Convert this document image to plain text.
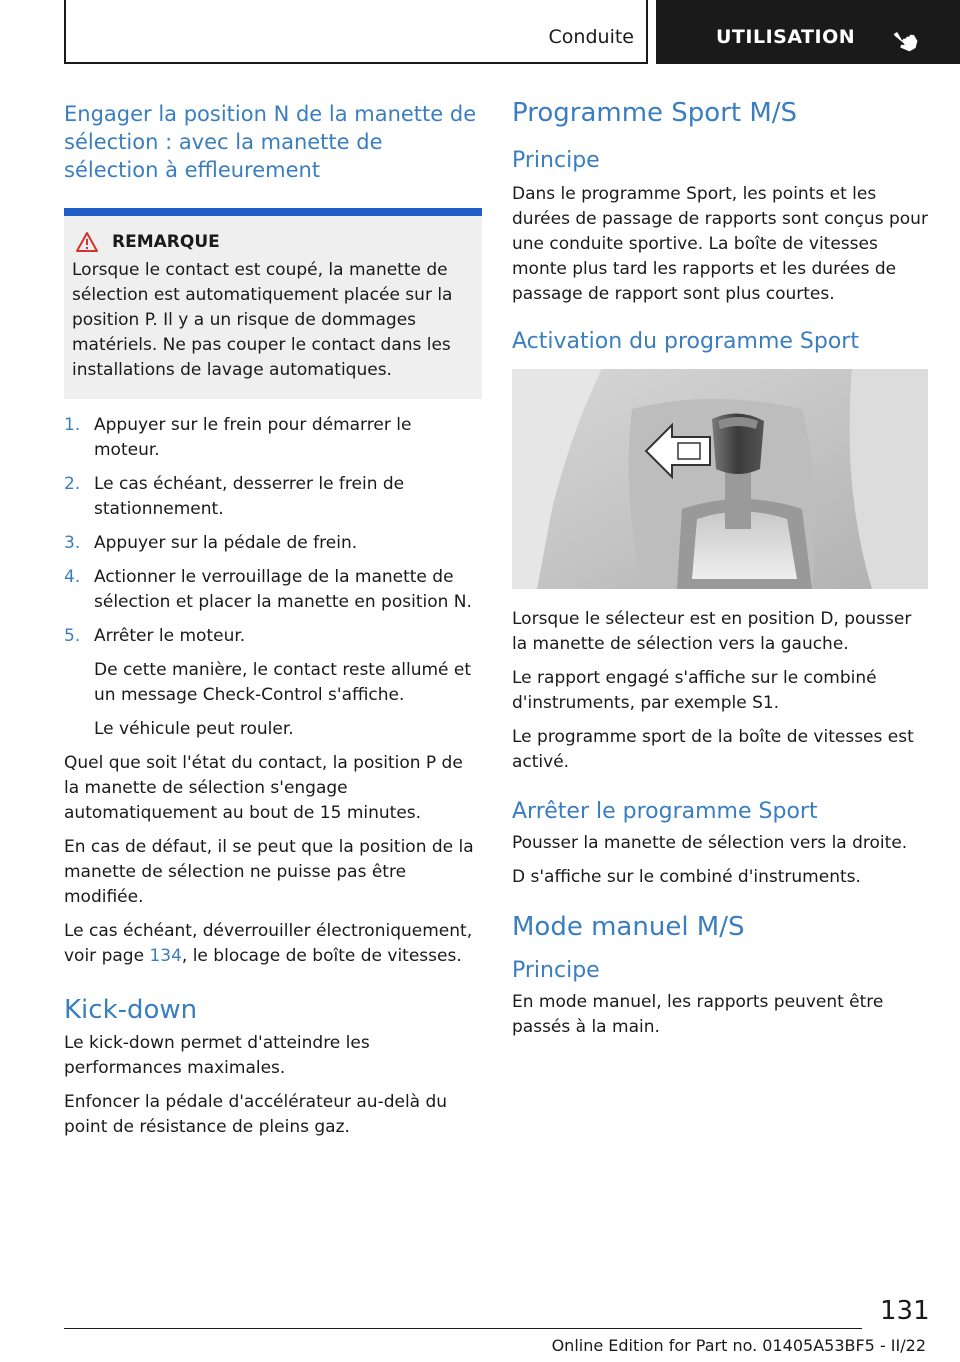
Conduite	UTILISATION
Engager la position N de la manette de sélection : avec la manette de sélection à effleurement
REMARQUE

Lorsque le contact est coupé, la manette de sélection est automatiquement placée sur la position P. Il y a un risque de dommages matériels. Ne pas couper le contact dans les installations de lavage automatiques.

1. Appuyer sur le frein pour démarrer le moteur.
2. Le cas échéant, desserrer le frein de stationnement.
3. Appuyer sur la pédale de frein.
4. Actionner le verrouillage de la manette de sélection et placer la manette en position N.
5. Arrêter le moteur.
De cette manière, le contact reste allumé et un message Check-Control s'affiche.
Le véhicule peut rouler.

Quel que soit l'état du contact, la position P de la manette de sélection s'engage automatiquement au bout de 15 minutes.

En cas de défaut, il se peut que la position de la manette de sélection ne puisse pas être modifiée.

Le cas échéant, déverrouiller électroniquement, voir page 134, le blocage de boîte de vitesses.

Kick-down

Le kick-down permet d'atteindre les performances maximales.

Enfoncer la pédale d'accélérateur au-delà du point de résistance de pleins gaz.

Programme Sport M/S
Principe

Dans le programme Sport, les points et les durées de passage de rapports sont conçus pour une conduite sportive. La boîte de vitesses monte plus tard les rapports et les durées de passage de rapport sont plus courtes.

Activation du programme Sport

Lorsque le sélecteur est en position D, pousser la manette de sélection vers la gauche.

Le rapport engagé s'affiche sur le combiné d'instruments, par exemple S1.

Le programme sport de la boîte de vitesses est activé.

Arrêter le programme Sport

Pousser la manette de sélection vers la droite.

D s'affiche sur le combiné d'instruments.

Mode manuel M/S
Principe

En mode manuel, les rapports peuvent être passés à la main.

131
Online Edition for Part no. 01405A53BF5 - II/22
